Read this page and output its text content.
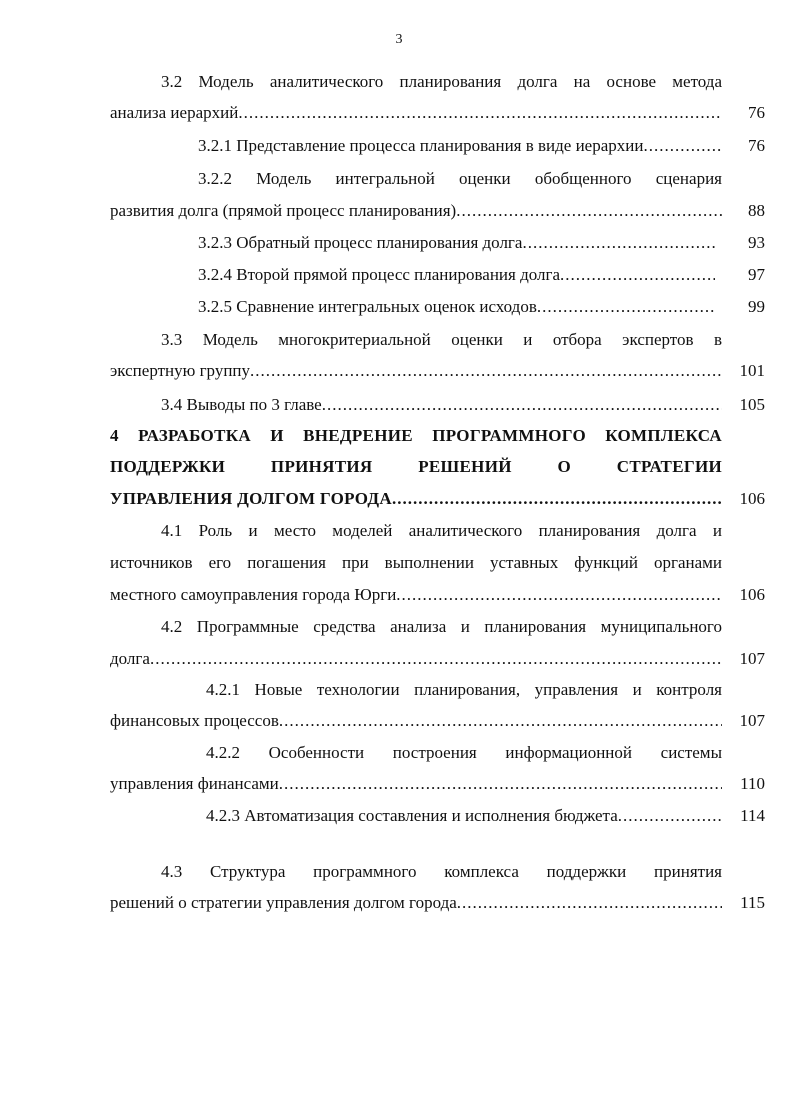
3
3.2 Модель аналитического планирования долга на основе метода
анализа иерархий .....	76
3.2.1 Представление процесса планирования в виде иерархии .....	76
3.2.2 Модель интегральной оценки обобщенного сценария
развития долга (прямой процесс планирования) .....	88
3.2.3 Обратный процесс планирования долга .....	93
3.2.4 Второй прямой процесс планирования долга .....	97
3.2.5 Сравнение интегральных оценок исходов .....	99
3.3 Модель многокритериальной оценки и отбора экспертов в
экспертную группу .....	101
3.4 Выводы по 3 главе .....	105
4 РАЗРАБОТКА И ВНЕДРЕНИЕ ПРОГРАММНОГО КОМПЛЕКСА
ПОДДЕРЖКИ ПРИНЯТИЯ РЕШЕНИЙ О СТРАТЕГИИ
УПРАВЛЕНИЯ ДОЛГОМ ГОРОДА .....	106
4.1 Роль и место моделей аналитического планирования долга и
источников его погашения при выполнении уставных функций органами
местного самоуправления города Юрги .....	106
4.2 Программные средства анализа и планирования муниципального
долга .....	107
4.2.1 Новые технологии планирования, управления и контроля
финансовых процессов .....	107
4.2.2 Особенности построения информационной системы
управления финансами .....	110
4.2.3 Автоматизация составления и исполнения бюджета .....	114
4.3 Структура программного комплекса поддержки принятия
решений о стратегии управления долгом города .....	115
